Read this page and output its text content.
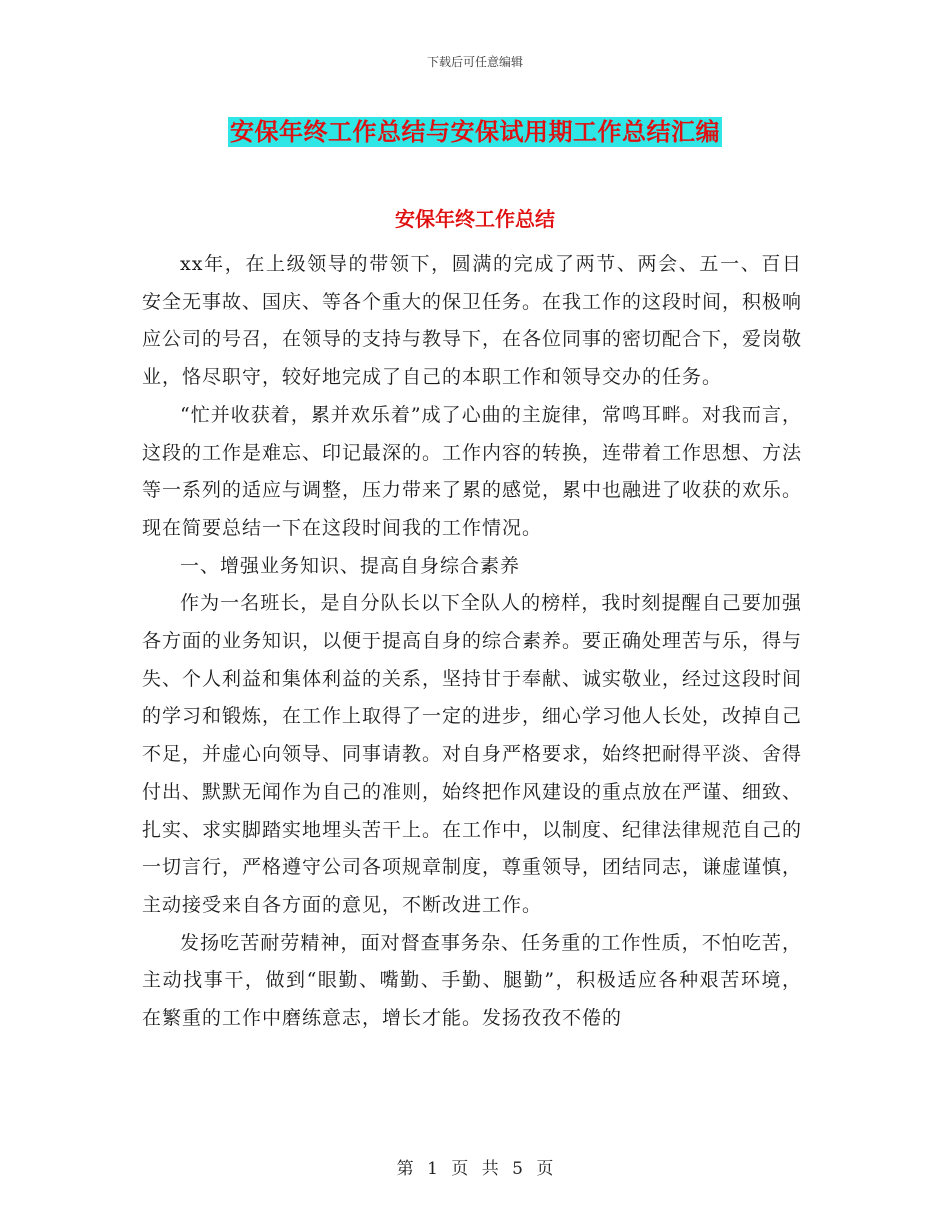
下载后可任意编辑
安保年终工作总结与安保试用期工作总结汇编
安保年终工作总结

xx年，在上级领导的带领下，圆满的完成了两节、两会、五一、百日安全无事故、国庆、等各个重大的保卫任务。在我工作的这段时间，积极响应公司的号召，在领导的支持与教导下，在各位同事的密切配合下，爱岗敬业，恪尽职守，较好地完成了自己的本职工作和领导交办的任务。

“忙并收获着，累并欢乐着”成了心曲的主旋律，常鸣耳畔。对我而言，这段的工作是难忘、印记最深的。工作内容的转换，连带着工作思想、方法等一系列的适应与调整，压力带来了累的感觉，累中也融进了收获的欢乐。现在简要总结一下在这段时间我的工作情况。

一、增强业务知识、提高自身综合素养

作为一名班长，是自分队长以下全队人的榜样，我时刻提醒自己要加强各方面的业务知识，以便于提高自身的综合素养。要正确处理苦与乐，得与失、个人利益和集体利益的关系，坚持甘于奉献、诚实敬业，经过这段时间的学习和锻炼，在工作上取得了一定的进步，细心学习他人长处，改掉自己不足，并虚心向领导、同事请教。对自身严格要求，始终把耐得平淡、舍得付出、默默无闻作为自己的准则，始终把作风建设的重点放在严谨、细致、扎实、求实脚踏实地埋头苦干上。在工作中，以制度、纪律法律规范自己的一切言行，严格遵守公司各项规章制度，尊重领导，团结同志，谦虚谨慎，主动接受来自各方面的意见，不断改进工作。

发扬吃苦耐劳精神，面对督查事务杂、任务重的工作性质，不怕吃苦，主动找事干，做到“眼勤、嘴勤、手勤、腿勤”，积极适应各种艰苦环境，在繁重的工作中磨练意志，增长才能。发扬孜孜不倦的

第 1 页 共 5 页
